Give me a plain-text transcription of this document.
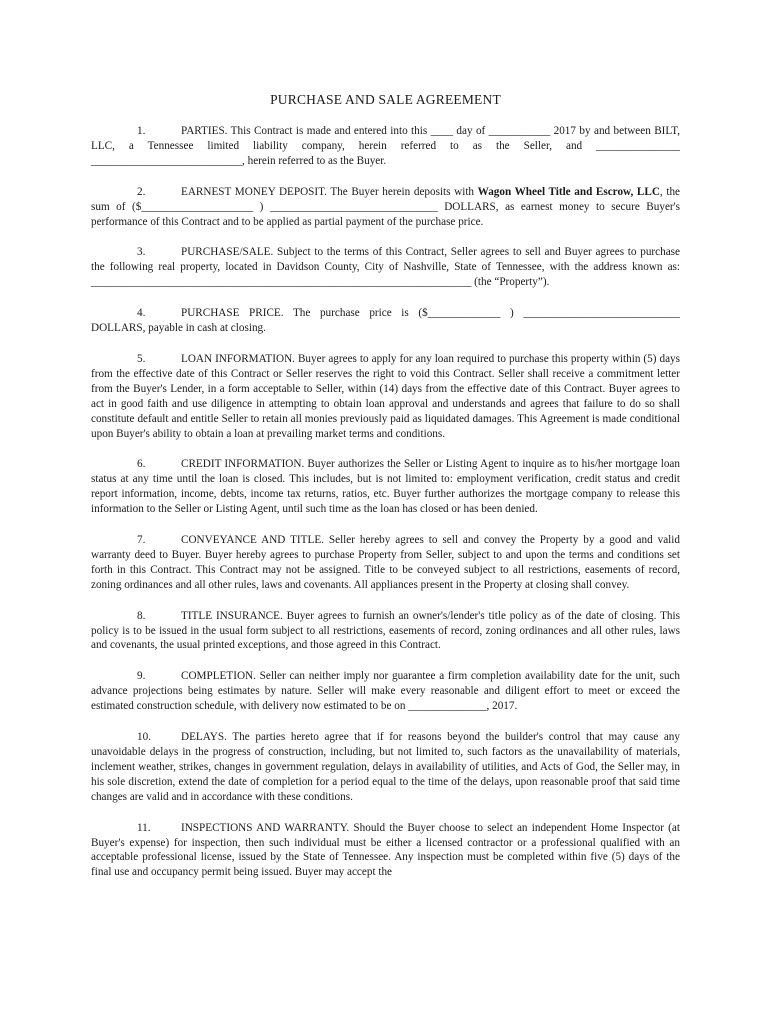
PURCHASE AND SALE AGREEMENT
1.	PARTIES. This Contract is made and entered into this ____ day of ___________ 2017 by and between BILT, LLC, a Tennessee limited liability company, herein referred to as the Seller, and _______________ ___________________________, herein referred to as the Buyer.
2.	EARNEST MONEY DEPOSIT. The Buyer herein deposits with Wagon Wheel Title and Escrow, LLC, the sum of ($____________________ ) ______________________________ DOLLARS, as earnest money to secure Buyer's performance of this Contract and to be applied as partial payment of the purchase price.
3.	PURCHASE/SALE. Subject to the terms of this Contract, Seller agrees to sell and Buyer agrees to purchase the following real property, located in Davidson County, City of Nashville, State of Tennessee, with the address known as: ____________________________________________________________________ (the “Property”).
4.	PURCHASE PRICE. The purchase price is ($_____________ ) ____________________________ DOLLARS, payable in cash at closing.
5.	LOAN INFORMATION. Buyer agrees to apply for any loan required to purchase this property within (5) days from the effective date of this Contract or Seller reserves the right to void this Contract. Seller shall receive a commitment letter from the Buyer's Lender, in a form acceptable to Seller, within (14) days from the effective date of this Contract. Buyer agrees to act in good faith and use diligence in attempting to obtain loan approval and understands and agrees that failure to do so shall constitute default and entitle Seller to retain all monies previously paid as liquidated damages. This Agreement is made conditional upon Buyer's ability to obtain a loan at prevailing market terms and conditions.
6.	CREDIT INFORMATION. Buyer authorizes the Seller or Listing Agent to inquire as to his/her mortgage loan status at any time until the loan is closed. This includes, but is not limited to: employment verification, credit status and credit report information, income, debts, income tax returns, ratios, etc. Buyer further authorizes the mortgage company to release this information to the Seller or Listing Agent, until such time as the loan has closed or has been denied.
7.	CONVEYANCE AND TITLE. Seller hereby agrees to sell and convey the Property by a good and valid warranty deed to Buyer. Buyer hereby agrees to purchase Property from Seller, subject to and upon the terms and conditions set forth in this Contract. This Contract may not be assigned. Title to be conveyed subject to all restrictions, easements of record, zoning ordinances and all other rules, laws and covenants. All appliances present in the Property at closing shall convey.
8.	TITLE INSURANCE. Buyer agrees to furnish an owner's/lender's title policy as of the date of closing. This policy is to be issued in the usual form subject to all restrictions, easements of record, zoning ordinances and all other rules, laws and covenants, the usual printed exceptions, and those agreed in this Contract.
9.	COMPLETION. Seller can neither imply nor guarantee a firm completion availability date for the unit, such advance projections being estimates by nature. Seller will make every reasonable and diligent effort to meet or exceed the estimated construction schedule, with delivery now estimated to be on ______________, 2017.
10.	DELAYS. The parties hereto agree that if for reasons beyond the builder's control that may cause any unavoidable delays in the progress of construction, including, but not limited to, such factors as the unavailability of materials, inclement weather, strikes, changes in government regulation, delays in availability of utilities, and Acts of God, the Seller may, in his sole discretion, extend the date of completion for a period equal to the time of the delays, upon reasonable proof that said time changes are valid and in accordance with these conditions.
11.	INSPECTIONS AND WARRANTY. Should the Buyer choose to select an independent Home Inspector (at Buyer's expense) for inspection, then such individual must be either a licensed contractor or a professional qualified with an acceptable professional license, issued by the State of Tennessee. Any inspection must be completed within five (5) days of the final use and occupancy permit being issued. Buyer may accept the
